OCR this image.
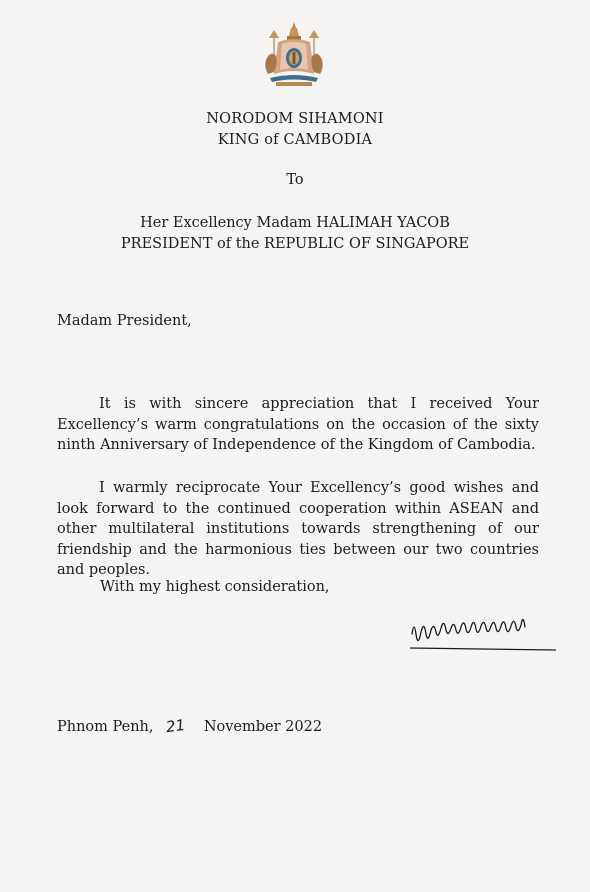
NORODOM SIHAMONI
KING of CAMBODIA
To
Her Excellency Madam HALIMAH YACOB
PRESIDENT of the REPUBLIC OF SINGAPORE
Madam President,
It is with sincere appreciation that I received Your Excellency’s warm congratulations on the occasion of the sixty ninth Anniversary of Independence of the Kingdom of Cambodia.
I warmly reciprocate Your Excellency’s good wishes and look forward to the continued cooperation within ASEAN and other multilateral institutions towards strengthening of our friendship and the harmonious ties between our two countries and peoples.
With my highest consideration,
Phnom Penh, 21 November 2022
